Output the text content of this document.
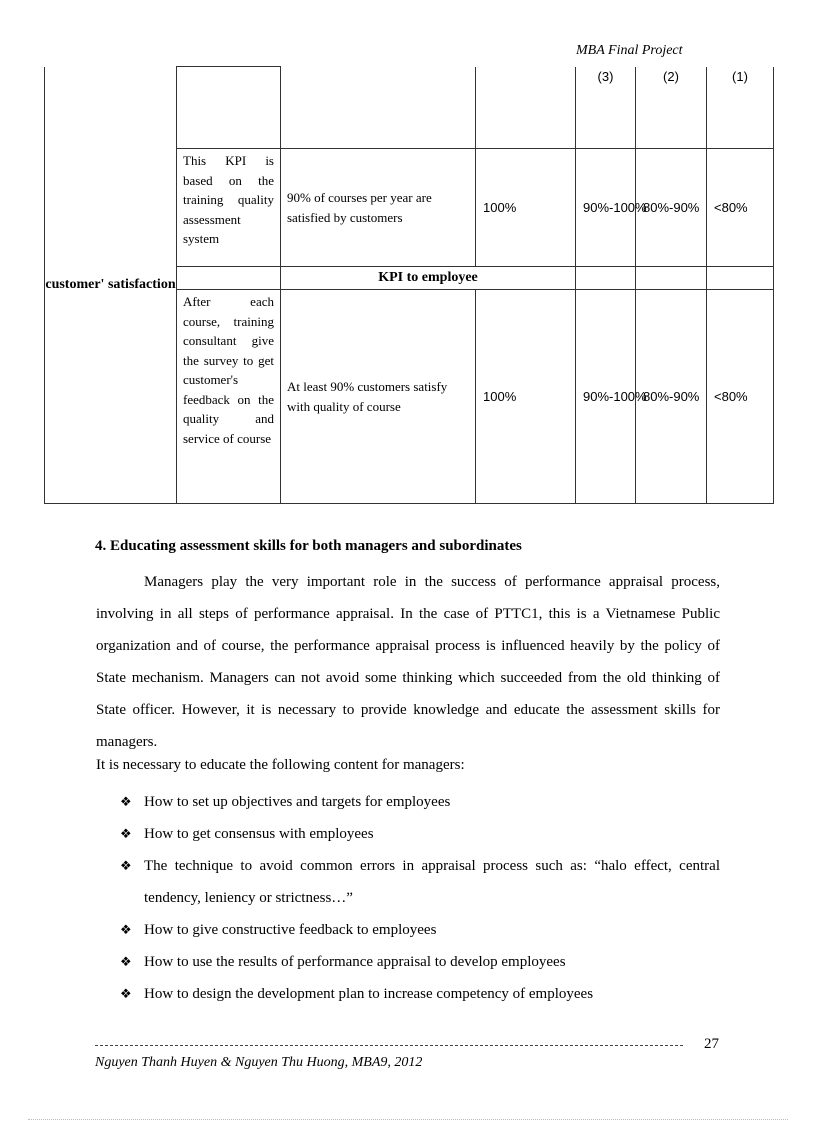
MBA Final Project
customer' satisfaction				(3)	(2)	(1)
	This KPI is based on the training quality assessment system	90% of courses per year are satisfied by customers	100%	90%-100%	80%-90%	<80%
		KPI to employee				
	After each course, training consultant give the survey to get customer's feedback on the quality and service of course	At least 90% customers satisfy with quality of course	100%	90%-100%	80%-90%	<80%
4. Educating assessment skills for both managers and subordinates

Managers play the very important role in the success of performance appraisal process, involving in all steps of performance appraisal. In the case of PTTC1, this is a Vietnamese Public organization and of course, the performance appraisal process is influenced heavily by the policy of State mechanism. Managers can not avoid some thinking which succeeded from the old thinking of State officer. However, it is necessary to provide knowledge and educate the assessment skills for managers.

It is necessary to educate the following content for managers:
❖ How to set up objectives and targets for employees
❖ How to get consensus with employees
❖ The technique to avoid common errors in appraisal process such as: “halo effect, central tendency, leniency or strictness…”
❖ How to give constructive feedback to employees
❖ How to use the results of performance appraisal to develop employees
❖ How to design the development plan to increase competency of employees
27
Nguyen Thanh Huyen & Nguyen Thu Huong, MBA9, 2012
